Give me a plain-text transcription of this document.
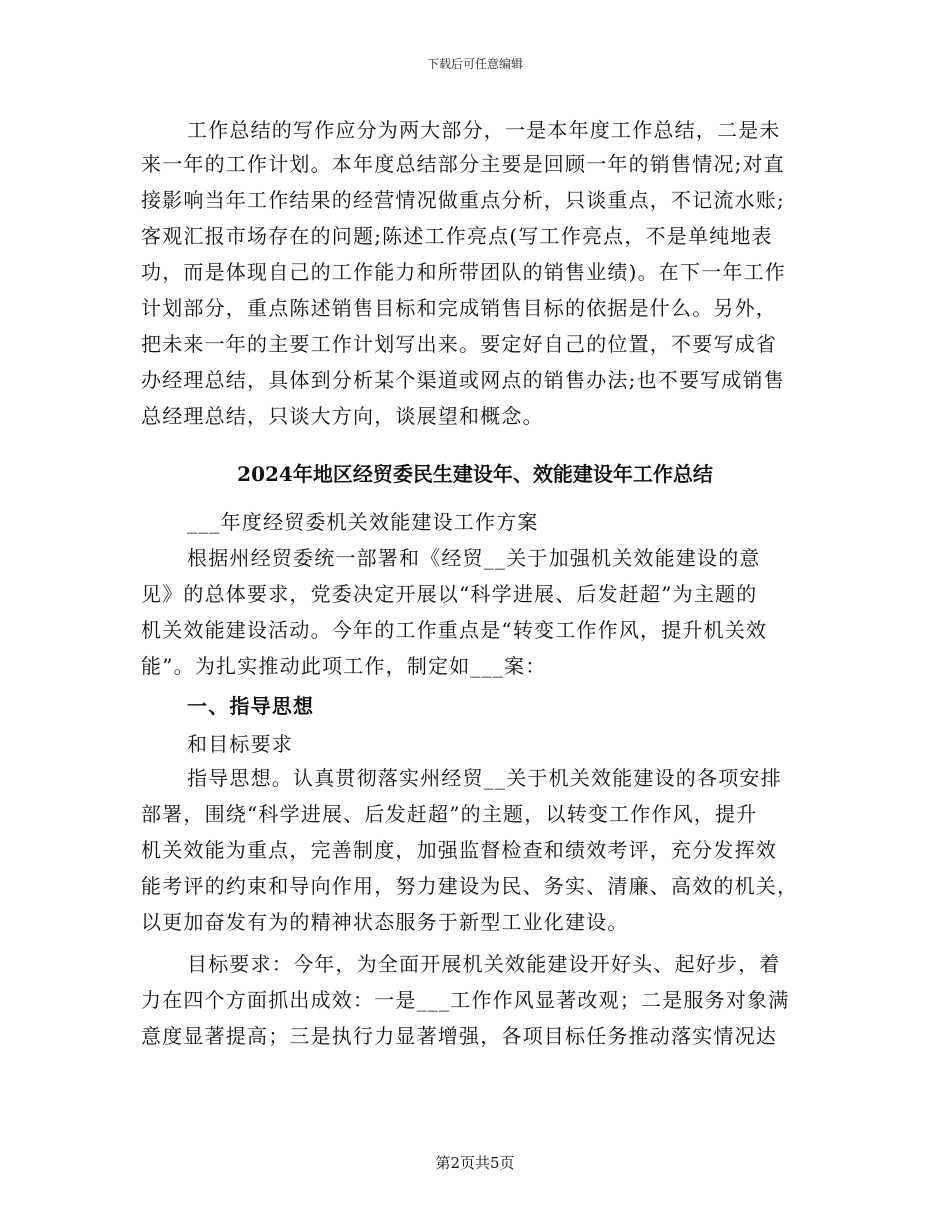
下载后可任意编辑
工作总结的写作应分为两大部分，一是本年度工作总结，二是未
来一年的工作计划。本年度总结部分主要是回顾一年的销售情况;对直
接影响当年工作结果的经营情况做重点分析，只谈重点，不记流水账;
客观汇报市场存在的问题;陈述工作亮点(写工作亮点，不是单纯地表
功，而是体现自己的工作能力和所带团队的销售业绩)。在下一年工作
计划部分，重点陈述销售目标和完成销售目标的依据是什么。另外，
把未来一年的主要工作计划写出来。要定好自己的位置，不要写成省
办经理总结，具体到分析某个渠道或网点的销售办法;也不要写成销售
总经理总结，只谈大方向，谈展望和概念。
2024年地区经贸委民生建设年、效能建设年工作总结
___年度经贸委机关效能建设工作方案
根据州经贸委统一部署和《经贸__关于加强机关效能建设的意
见》的总体要求，党委决定开展以“科学进展、后发赶超”为主题的
机关效能建设活动。今年的工作重点是“转变工作作风，提升机关效
能”。为扎实推动此项工作，制定如___案：
一、指导思想
和目标要求
指导思想。认真贯彻落实州经贸__关于机关效能建设的各项安排
部署，围绕“科学进展、后发赶超”的主题，以转变工作作风，提升
机关效能为重点，完善制度，加强监督检查和绩效考评，充分发挥效
能考评的约束和导向作用，努力建设为民、务实、清廉、高效的机关，
以更加奋发有为的精神状态服务于新型工业化建设。
目标要求：今年，为全面开展机关效能建设开好头、起好步，着
力在四个方面抓出成效：一是___工作作风显著改观；二是服务对象满
意度显著提高；三是执行力显著增强，各项目标任务推动落实情况达
第2页共5页
